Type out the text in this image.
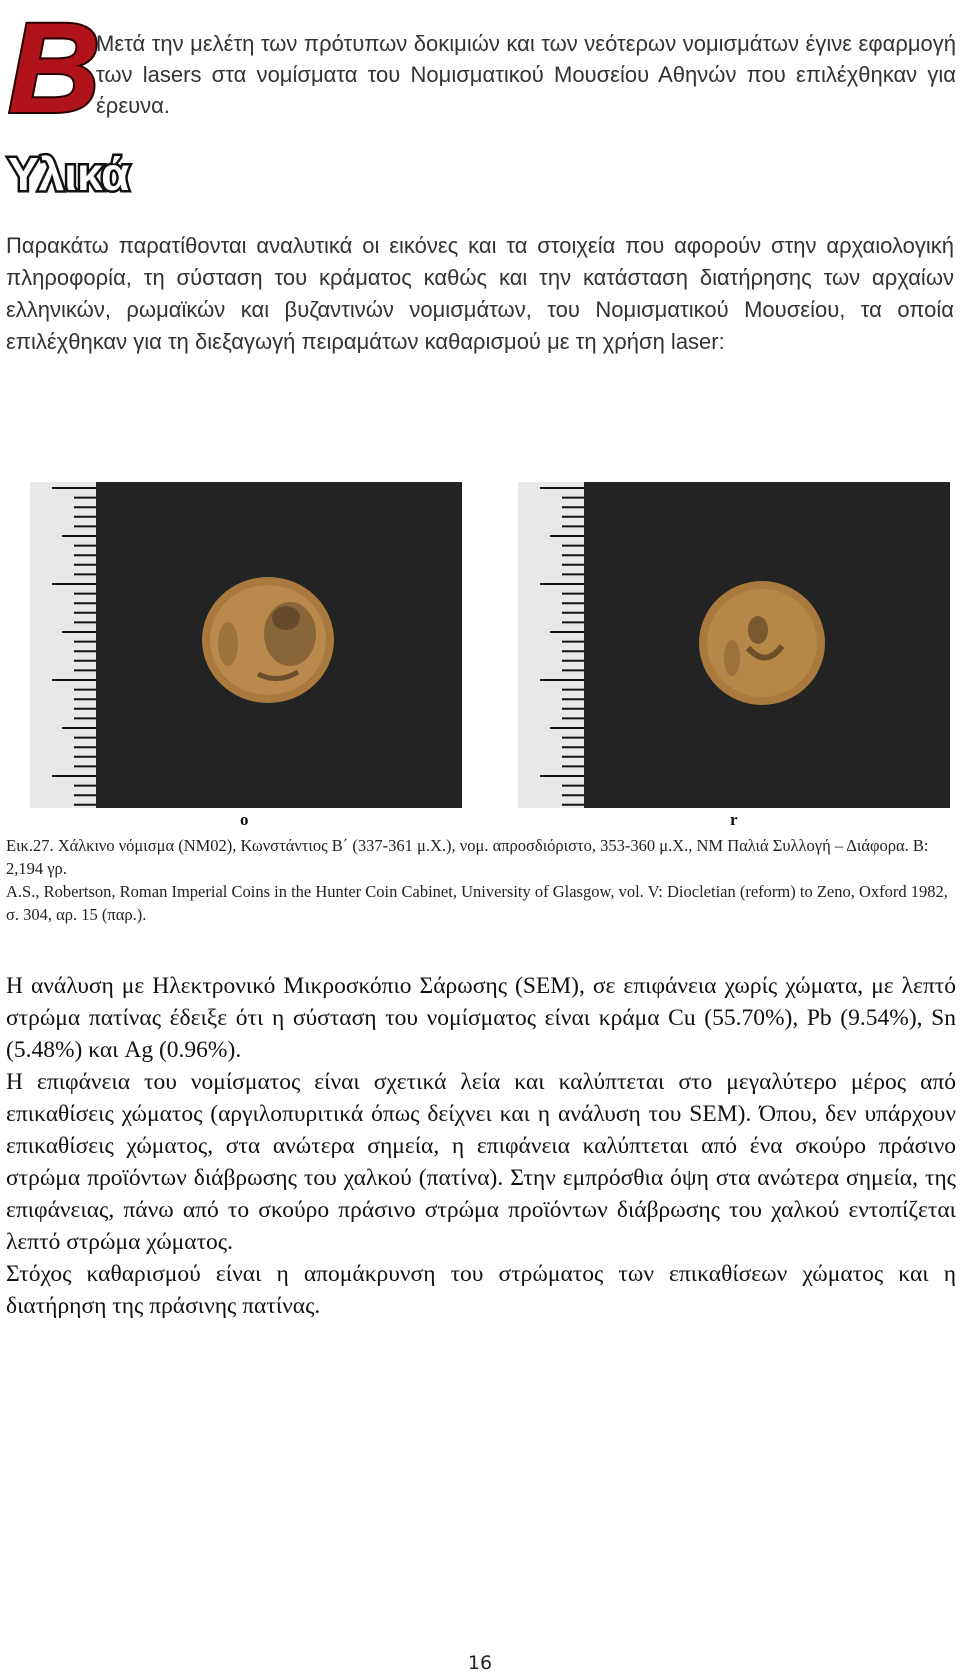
B
Μετά την μελέτη των πρότυπων δοκιμιών και των νεότερων νομισμάτων έγινε εφαρμογή των lasers στα νομίσματα του Νομισματικού Μουσείου Αθηνών που επιλέχθηκαν για έρευνα.
Υλικά
Παρακάτω παρατίθονται αναλυτικά οι εικόνες και τα στοιχεία που αφορούν στην αρχαιολογική πληροφορία, τη σύσταση του κράματος καθώς και την κατάσταση διατήρησης των αρχαίων ελληνικών, ρωμαϊκών και βυζαντινών νομισμάτων, του Νομισματικού Μουσείου, τα οποία επιλέχθηκαν για τη διεξαγωγή πειραμάτων καθαρισμού με τη χρήση laser:
o	r

Εικ.27. Χάλκινο νόμισμα (ΝΜ02), Κωνστάντιος Β΄ (337-361 μ.Χ.), νομ. απροσδιόριστο, 353-360 μ.Χ., ΝΜ Παλιά Συλλογή – Διάφορα. Β: 2,194 γρ.

A.S., Robertson, Roman Imperial Coins in the Hunter Coin Cabinet, University of Glasgow, vol. V: Diocletian (reform) to Zeno, Oxford 1982, σ. 304, αρ. 15 (παρ.).

Η ανάλυση με Ηλεκτρονικό Μικροσκόπιο Σάρωσης (SEM), σε επιφάνεια χωρίς χώματα, με λεπτό στρώμα πατίνας έδειξε ότι η σύσταση του νομίσματος είναι κράμα Cu (55.70%), Pb (9.54%), Sn (5.48%) και Ag (0.96%).

Η επιφάνεια του νομίσματος είναι σχετικά λεία και καλύπτεται στο μεγαλύτερο μέρος από επικαθίσεις χώματος (αργιλοπυριτικά όπως δείχνει και η ανάλυση του SEM). Όπου, δεν υπάρχουν επικαθίσεις χώματος, στα ανώτερα σημεία, η επιφάνεια καλύπτεται από ένα σκούρο πράσινο στρώμα προϊόντων διάβρωσης του χαλκού (πατίνα). Στην εμπρόσθια όψη στα ανώτερα σημεία, της επιφάνειας, πάνω από το σκούρο πράσινο στρώμα προϊόντων διάβρωσης του χαλκού εντοπίζεται λεπτό στρώμα χώματος.

Στόχος καθαρισμού είναι η απομάκρυνση του στρώματος των επικαθίσεων χώματος και η διατήρηση της πράσινης πατίνας.

16
